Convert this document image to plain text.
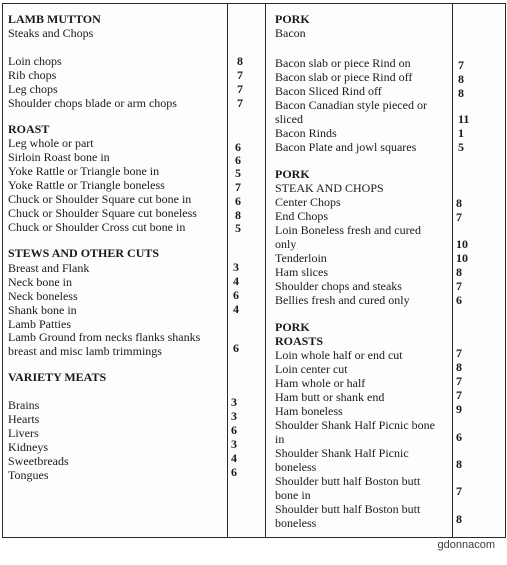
LAMB MUTTON
Steaks and Chops
Loin chops
Rib chops
Leg chops
Shoulder chops blade or arm chops
ROAST
Leg whole or part
Sirloin Roast bone in
Yoke Rattle or Triangle bone in
Yoke Rattle or Triangle boneless
Chuck or Shoulder Square cut bone in
Chuck or Shoulder Square cut boneless
Chuck or Shoulder Cross cut bone in
STEWS AND OTHER CUTS
Breast and Flank
Neck bone in
Neck boneless
Shank bone in
Lamb Patties
Lamb Ground from necks flanks shanks
breast and misc lamb trimmings
VARIETY MEATS
Brains
Hearts
Livers
Kidneys
Sweetbreads
Tongues
8
7
7
7
6
6
5
7
6
8
5
3
4
6
4
6
3
3
6
3
4
6
PORK
Bacon
Bacon slab or piece Rind on
Bacon slab or piece Rind off
Bacon Sliced Rind off
Bacon Canadian style pieced or
sliced
Bacon Rinds
Bacon Plate and jowl squares
PORK
STEAK AND CHOPS
Center Chops
End Chops
Loin Boneless fresh and cured
only
Tenderloin
Ham slices
Shoulder chops and steaks
Bellies fresh and cured only
PORK
ROASTS
Loin whole half or end cut
Loin center cut
Ham whole or half
Ham butt or shank end
Ham boneless
Shoulder Shank Half Picnic bone
in
Shoulder Shank Half Picnic
boneless
Shoulder butt half Boston butt
bone in
Shoulder butt half Boston butt
boneless
7
8
8
11
1
5
8
7
10
10
8
7
6
7
8
7
7
9
6
8
7
8
gdonnacom
